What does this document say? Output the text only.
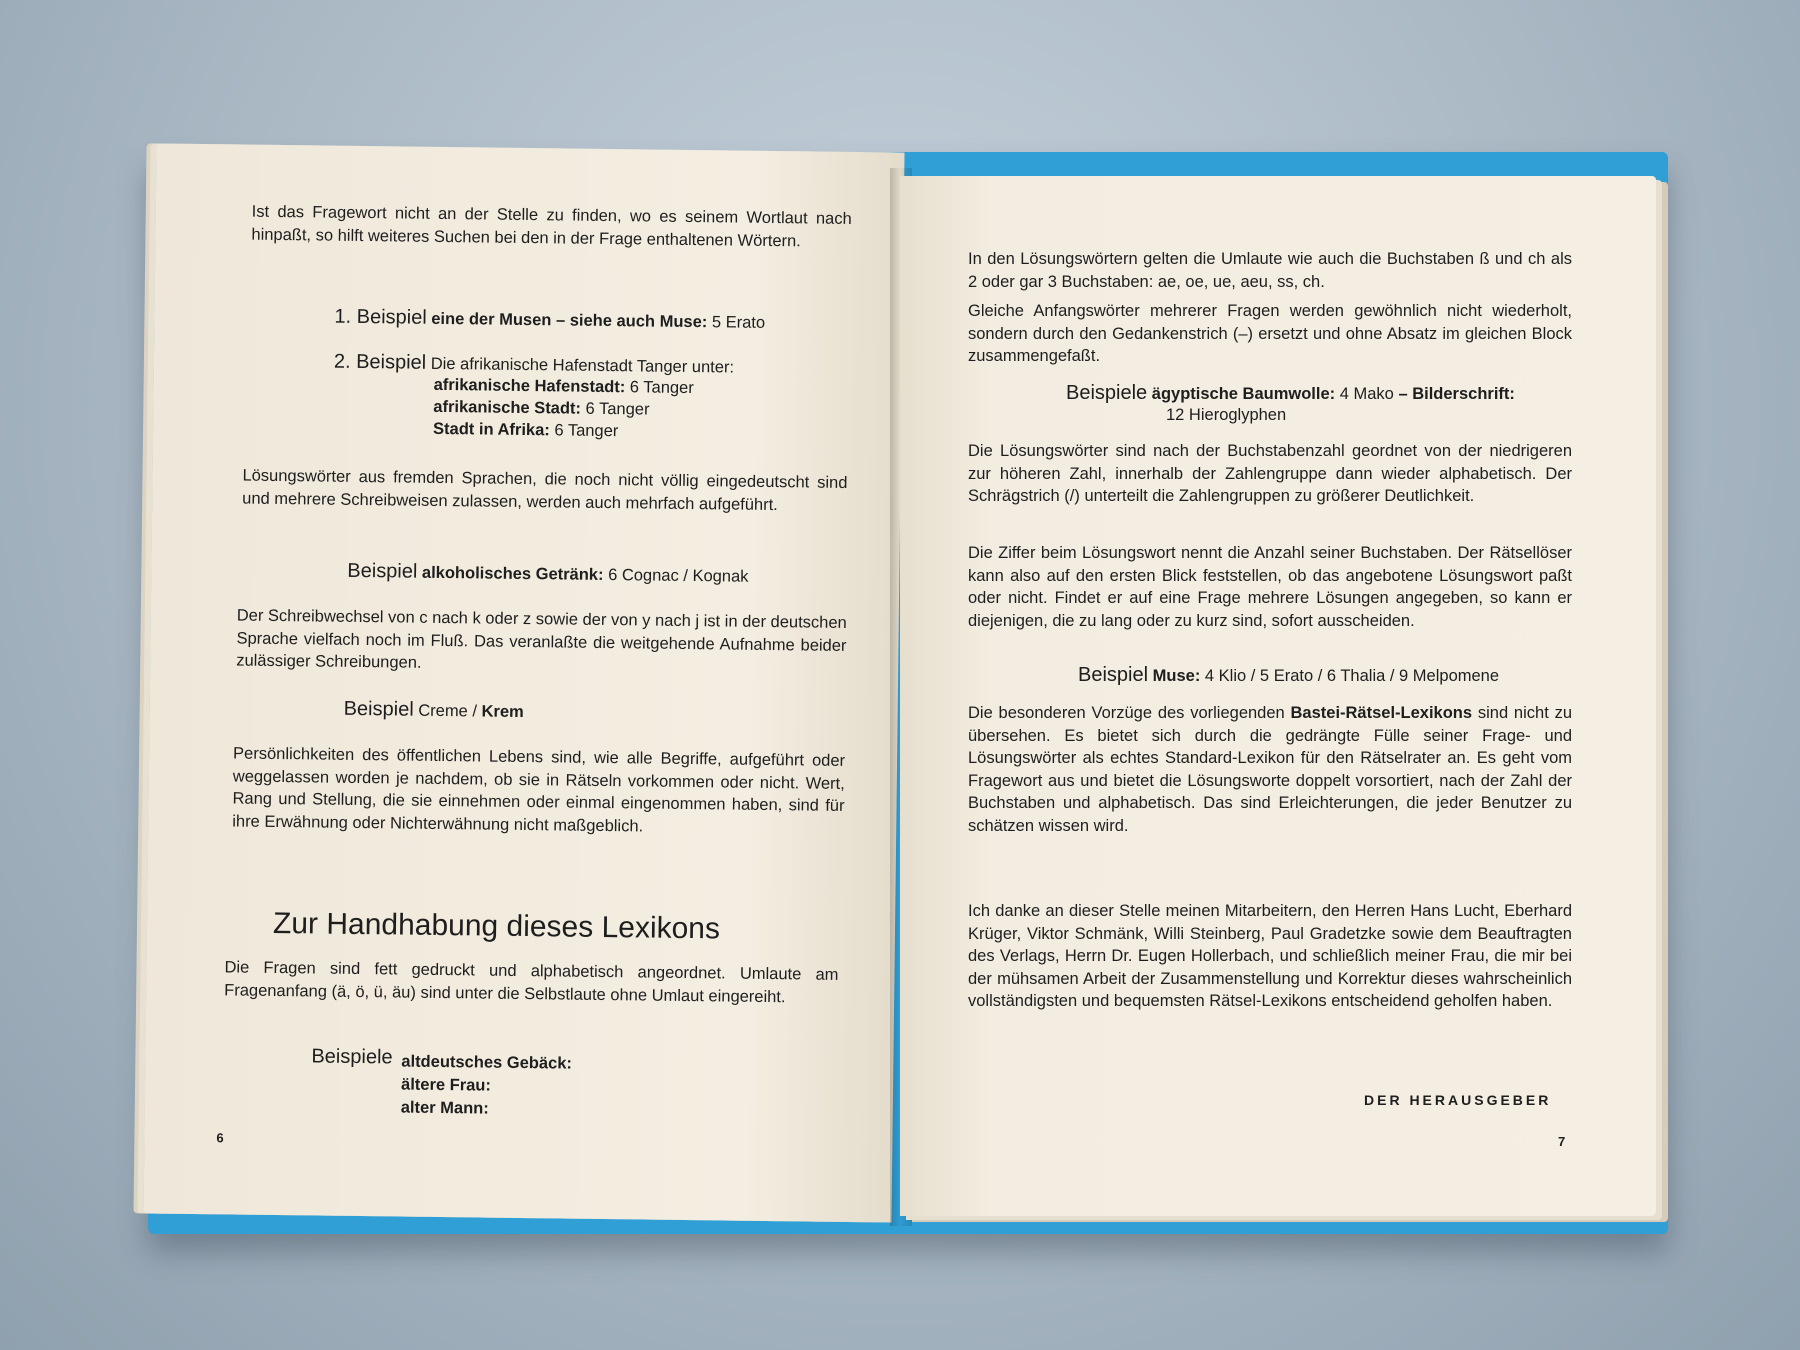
Ist das Fragewort nicht an der Stelle zu finden, wo es seinem Wortlaut nach hinpaßt, so hilft weiteres Suchen bei den in der Frage enthaltenen Wörtern.
1. Beispiel eine der Musen – siehe auch Muse: 5 Erato
2. Beispiel Die afrikanische Hafenstadt Tanger unter:
afrikanische Hafenstadt: 6 Tanger
afrikanische Stadt: 6 Tanger
Stadt in Afrika: 6 Tanger
Lösungswörter aus fremden Sprachen, die noch nicht völlig eingedeutscht sind und mehrere Schreibweisen zulassen, werden auch mehrfach aufgeführt.
Beispiel alkoholisches Getränk: 6 Cognac / Kognak
Der Schreibwechsel von c nach k oder z sowie der von y nach j ist in der deutschen Sprache vielfach noch im Fluß. Das veranlaßte die weitgehende Aufnahme beider zulässiger Schreibungen.
Beispiel Creme / Krem
Persönlichkeiten des öffentlichen Lebens sind, wie alle Begriffe, aufgeführt oder weggelassen worden je nachdem, ob sie in Rätseln vorkommen oder nicht. Wert, Rang und Stellung, die sie einnehmen oder einmal eingenommen haben, sind für ihre Erwähnung oder Nichterwähnung nicht maßgeblich.
Zur Handhabung dieses Lexikons
Die Fragen sind fett gedruckt und alphabetisch angeordnet. Umlaute am Fragenanfang (ä, ö, ü, äu) sind unter die Selbstlaute ohne Umlaut eingereiht.
Beispiele altdeutsches Gebäck:
ältere Frau:
alter Mann:
6
In den Lösungswörtern gelten die Umlaute wie auch die Buchstaben ß und ch als 2 oder gar 3 Buchstaben: ae, oe, ue, aeu, ss, ch.
Gleiche Anfangswörter mehrerer Fragen werden gewöhnlich nicht wiederholt, sondern durch den Gedankenstrich (–) ersetzt und ohne Absatz im gleichen Block zusammengefaßt.
Beispiele ägyptische Baumwolle: 4 Mako – Bilderschrift:
12 Hieroglyphen
Die Lösungswörter sind nach der Buchstabenzahl geordnet von der niedrigeren zur höheren Zahl, innerhalb der Zahlengruppe dann wieder alphabetisch. Der Schrägstrich (/) unterteilt die Zahlengruppen zu größerer Deutlichkeit.
Die Ziffer beim Lösungswort nennt die Anzahl seiner Buchstaben. Der Rätsellöser kann also auf den ersten Blick feststellen, ob das angebotene Lösungswort paßt oder nicht. Findet er auf eine Frage mehrere Lösungen angegeben, so kann er diejenigen, die zu lang oder zu kurz sind, sofort ausscheiden.
Beispiel Muse: 4 Klio / 5 Erato / 6 Thalia / 9 Melpomene
Die besonderen Vorzüge des vorliegenden Bastei-Rätsel-Lexikons sind nicht zu übersehen. Es bietet sich durch die gedrängte Fülle seiner Frage- und Lösungswörter als echtes Standard-Lexikon für den Rätselrater an. Es geht vom Fragewort aus und bietet die Lösungsworte doppelt vorsortiert, nach der Zahl der Buchstaben und alphabetisch. Das sind Erleichterungen, die jeder Benutzer zu schätzen wissen wird.
Ich danke an dieser Stelle meinen Mitarbeitern, den Herren Hans Lucht, Eberhard Krüger, Viktor Schmänk, Willi Steinberg, Paul Gradetzke sowie dem Beauftragten des Verlags, Herrn Dr. Eugen Hollerbach, und schließlich meiner Frau, die mir bei der mühsamen Arbeit der Zusammenstellung und Korrektur dieses wahrscheinlich vollständigsten und bequemsten Rätsel-Lexikons entscheidend geholfen haben.
DER HERAUSGEBER
7
